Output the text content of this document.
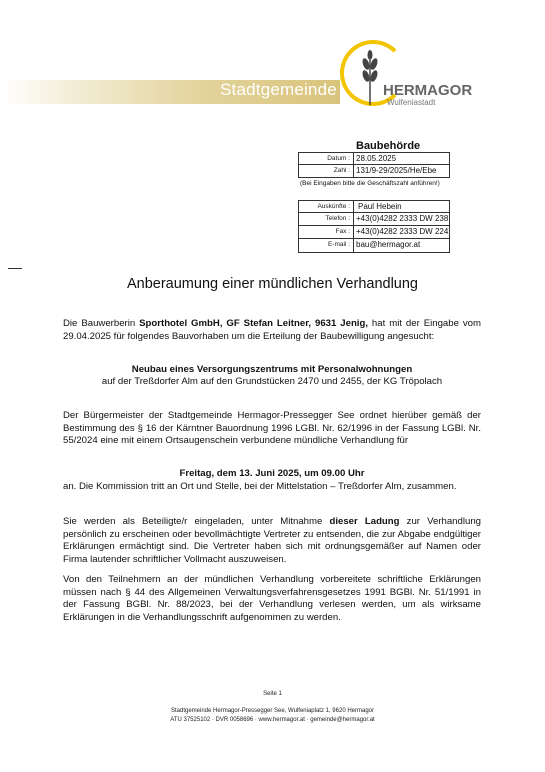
Stadtgemeinde	HERMAGOR
Wulfeniastadt
Baubehörde
Datum : 28.05.2025
Zahl : 131/9-29/2025/He/Ebe
(Bei Eingaben bitte die Geschäftszahl anführen!)
Auskünfte : Paul Hebein
Telefon : +43(0)4282 2333 DW 238
Fax : +43(0)4282 2333 DW 224
E-mail : bau@hermagor.at
Anberaumung einer mündlichen Verhandlung
Die Bauwerberin Sporthotel GmbH, GF Stefan Leitner, 9631 Jenig, hat mit der Eingabe vom 29.04.2025 für folgendes Bauvorhaben um die Erteilung der Baubewilligung angesucht:
Neubau eines Versorgungszentrums mit Personalwohnungen
auf der Treßdorfer Alm auf den Grundstücken 2470 und 2455, der KG Tröpolach
Der Bürgermeister der Stadtgemeinde Hermagor-Pressegger See ordnet hierüber gemäß der Bestimmung des § 16 der Kärntner Bauordnung 1996 LGBl. Nr. 62/1996 in der Fassung LGBl. Nr. 55/2024 eine mit einem Ortsaugenschein verbundene mündliche Verhandlung für
Freitag, dem 13. Juni 2025, um 09.00 Uhr
an. Die Kommission tritt an Ort und Stelle, bei der Mittelstation – Treßdorfer Alm, zusammen.
Sie werden als Beteiligte/r eingeladen, unter Mitnahme dieser Ladung zur Verhandlung persönlich zu erscheinen oder bevollmächtigte Vertreter zu entsenden, die zur Abgabe endgültiger Erklärungen ermächtigt sind. Die Vertreter haben sich mit ordnungsgemäßer auf Namen oder Firma lautender schriftlicher Vollmacht auszuweisen.
Von den Teilnehmern an der mündlichen Verhandlung vorbereitete schriftliche Erklärungen müssen nach § 44 des Allgemeinen Verwaltungsverfahrensgesetzes 1991 BGBl. Nr. 51/1991 in der Fassung BGBl. Nr. 88/2023, bei der Verhandlung verlesen werden, um als wirksame Erklärungen in die Verhandlungsschrift aufgenommen zu werden.
Seite 1
Stadtgemeinde Hermagor-Pressegger See, Wulfeniaplatz 1, 9620 Hermagor
ATU 37525102 · DVR 0058696 · www.hermagor.at · gemeinde@hermagor.at
